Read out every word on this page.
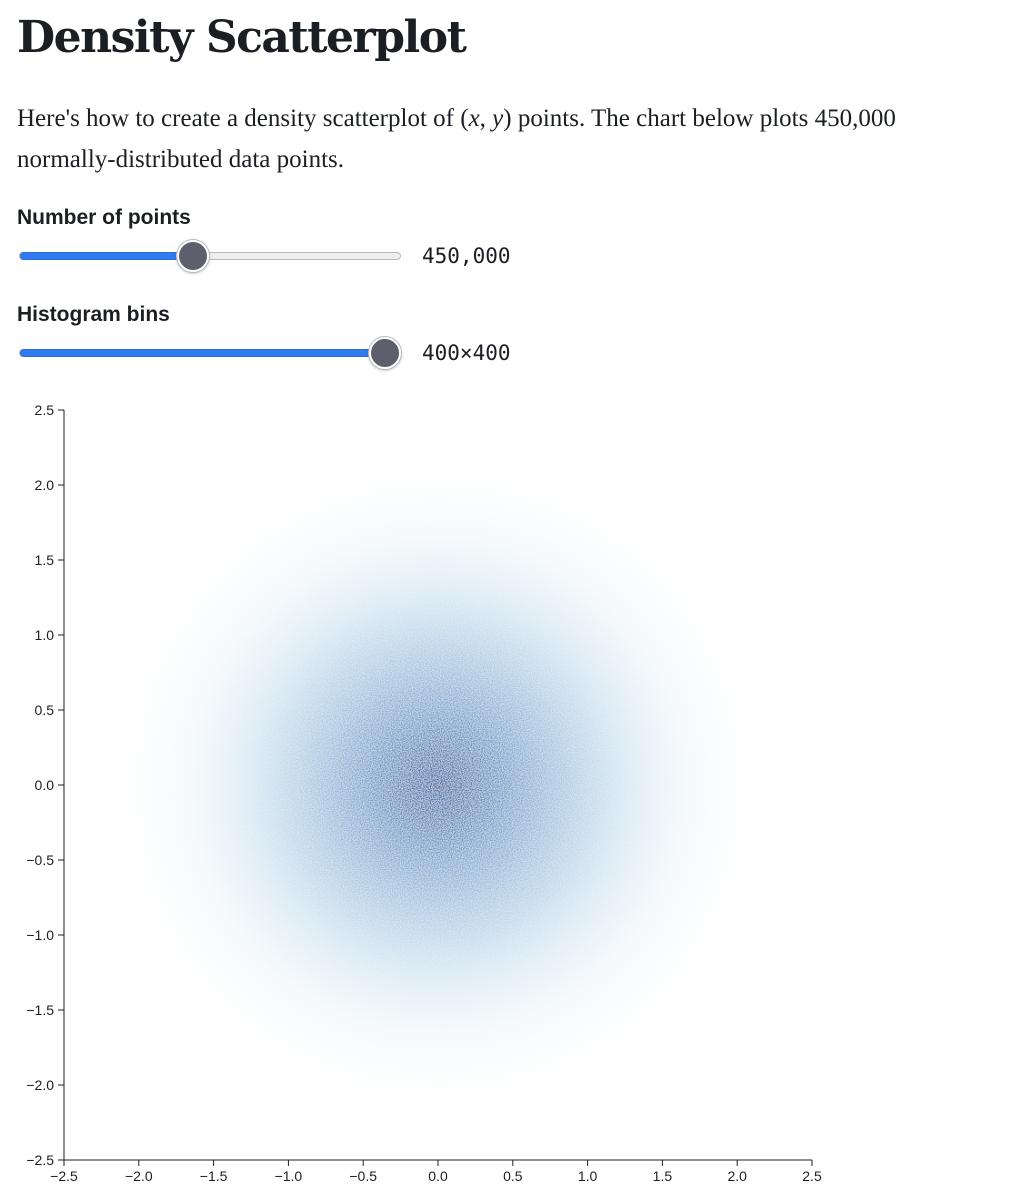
Density Scatterplot

Here's how to create a density scatterplot of (x, y) points. The chart below plots 450,000 normally-distributed data points.

Number of points
450,000
Histogram bins
400×400
2.5
2.0
1.5
1.0
0.5
0.0
−0.5
−1.0
−1.5
−2.0
−2.5
−2.5	−2.0	−1.5	−1.0	−0.5	0.0	0.5	1.0	1.5	2.0	2.5
